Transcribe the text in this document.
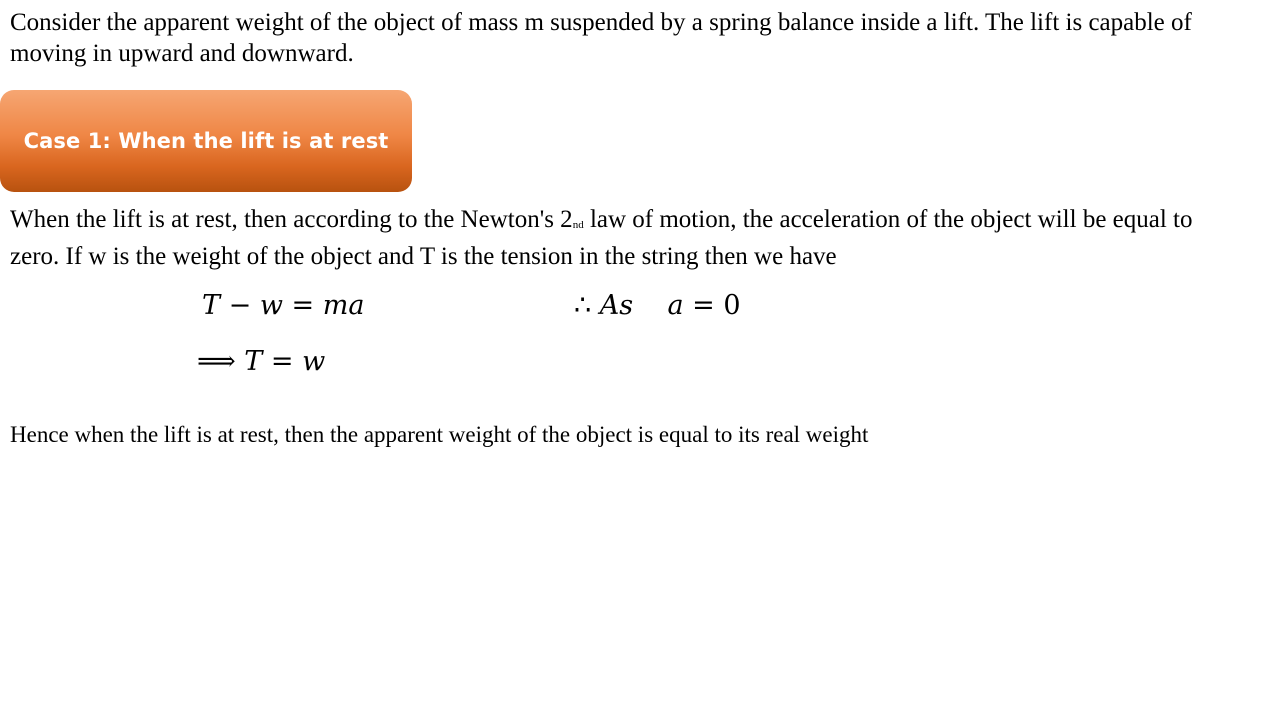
Consider the apparent weight of the object of mass m suspended by a spring balance inside a lift. The lift is capable of
moving in upward and downward.
Case 1: When the lift is at rest
When the lift is at rest, then according to the Newton's 2nd law of motion, the acceleration of the object will be equal to
zero. If w is the weight of the object and T is the tension in the string then we have
T − w = ma	∴ As a = 0
⟹ T = w
Hence when the lift is at rest, then the apparent weight of the object is equal to its real weight
